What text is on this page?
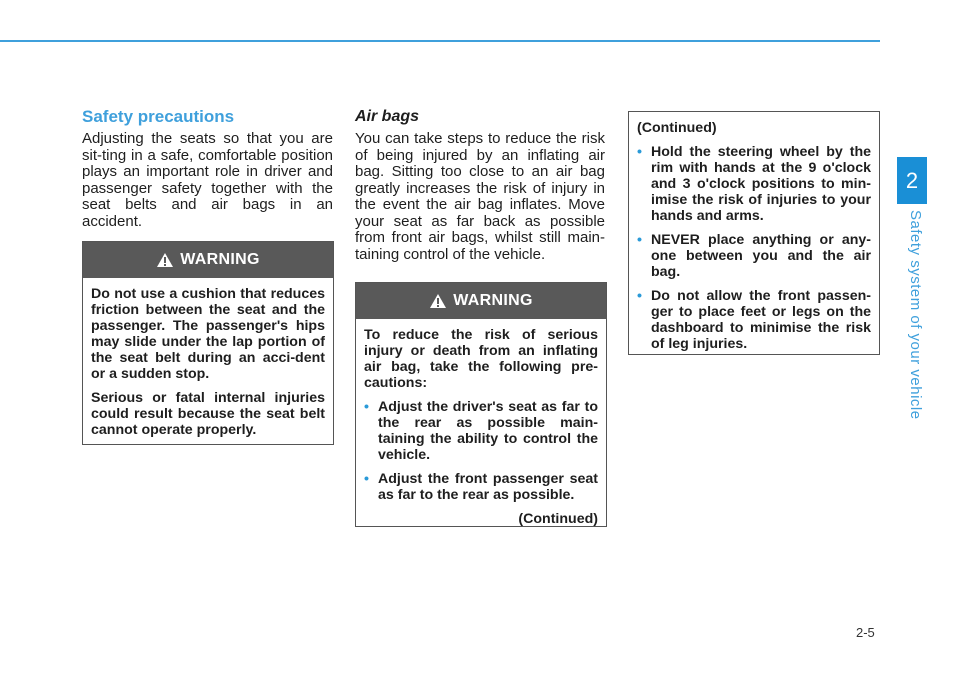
2
Safety system of your vehicle
Safety precautions
Adjusting the seats so that you are sit-ting in a safe, comfortable position plays an important role in driver and passenger safety together with the seat belts and air bags in an accident.
WARNING

Do not use a cushion that reduces friction between the seat and the passenger. The passenger's hips may slide under the lap portion of the seat belt during an acci-dent or a sudden stop.

Serious or fatal internal injuries could result because the seat belt cannot operate properly.

Air bags
You can take steps to reduce the risk of being injured by an inflating air bag. Sitting too close to an air bag greatly increases the risk of injury in the event the air bag inflates. Move your seat as far back as possible from front air bags, whilst still main-taining control of the vehicle.
WARNING

To reduce the risk of serious injury or death from an inflating air bag, take the following pre-cautions:

• Adjust the driver's seat as far to the rear as possible main-taining the ability to control the vehicle.
• Adjust the front passenger seat as far to the rear as possible.
(Continued)

(Continued)

• Hold the steering wheel by the rim with hands at the 9 o'clock and 3 o'clock positions to min-imise the risk of injuries to your hands and arms.
• NEVER place anything or any-one between you and the air bag.
• Do not allow the front passen-ger to place feet or legs on the dashboard to minimise the risk of leg injuries.
2-5
